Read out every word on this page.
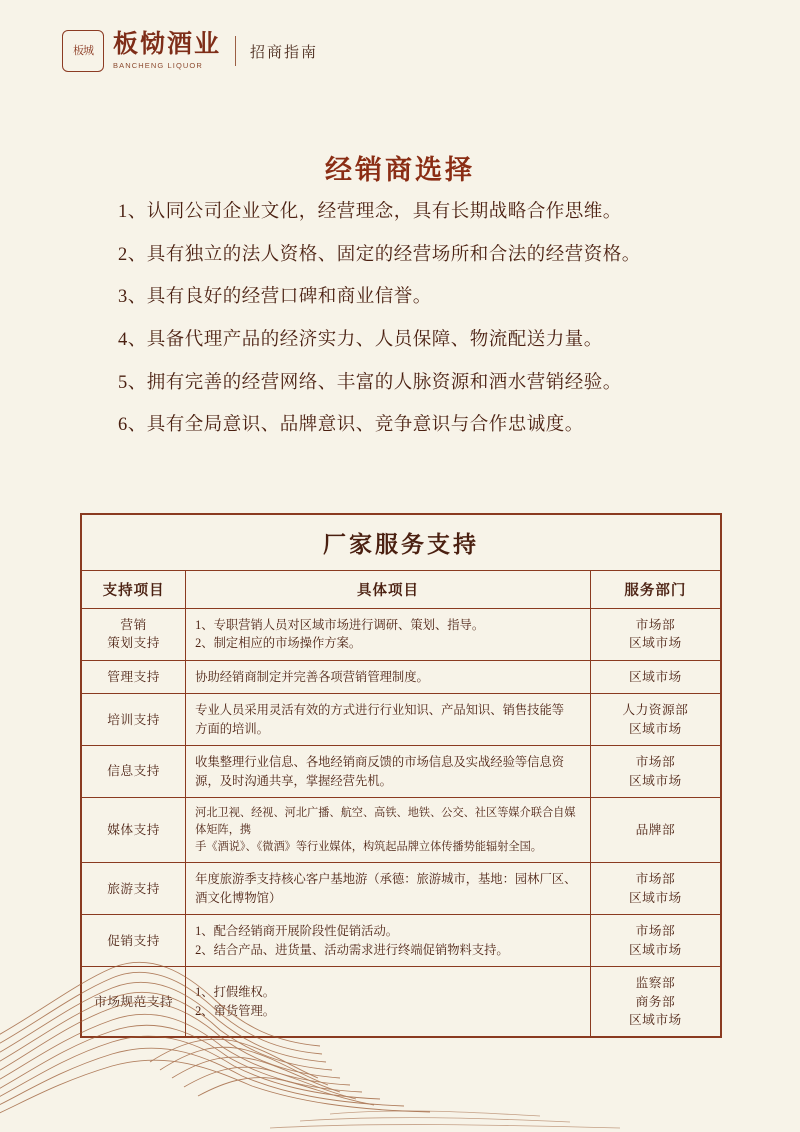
板城 板恸酒业
BANCHENG LIQUOR
招商指南
经销商选择
1、认同公司企业文化，经营理念，具有长期战略合作思维。
2、具有独立的法人资格、固定的经营场所和合法的经营资格。
3、具有良好的经营口碑和商业信誉。
4、具备代理产品的经济实力、人员保障、物流配送力量。
5、拥有完善的经营网络、丰富的人脉资源和酒水营销经验。
6、具有全局意识、品牌意识、竞争意识与合作忠诚度。
厂家服务支持		
支持项目	具体项目	服务部门

营销
策划支持	1、专职营销人员对区域市场进行调研、策划、指导。
2、制定相应的市场操作方案。	市场部
区域市场

管理支持	协助经销商制定并完善各项营销管理制度。	区域市场

培训支持	专业人员采用灵活有效的方式进行行业知识、产品知识、销售技能等
方面的培训。	人力资源部
区域市场

信息支持	收集整理行业信息、各地经销商反馈的市场信息及实战经验等信息资
源，及时沟通共享，掌握经营先机。	市场部
区域市场

媒体支持	河北卫视、经视、河北广播、航空、高铁、地铁、公交、社区等媒介联合自媒体矩阵，携
手《酒说》、《微酒》等行业媒体，构筑起品牌立体传播势能辐射全国。	品牌部

旅游支持	年度旅游季支持核心客户基地游（承德：旅游城市，基地：园林厂区、
酒文化博物馆）	市场部
区域市场

促销支持	1、配合经销商开展阶段性促销活动。
2、结合产品、进货量、活动需求进行终端促销物料支持。	市场部
区域市场

市场规范支持	1、打假维权。
2、窜货管理。	监察部
商务部
区域市场
